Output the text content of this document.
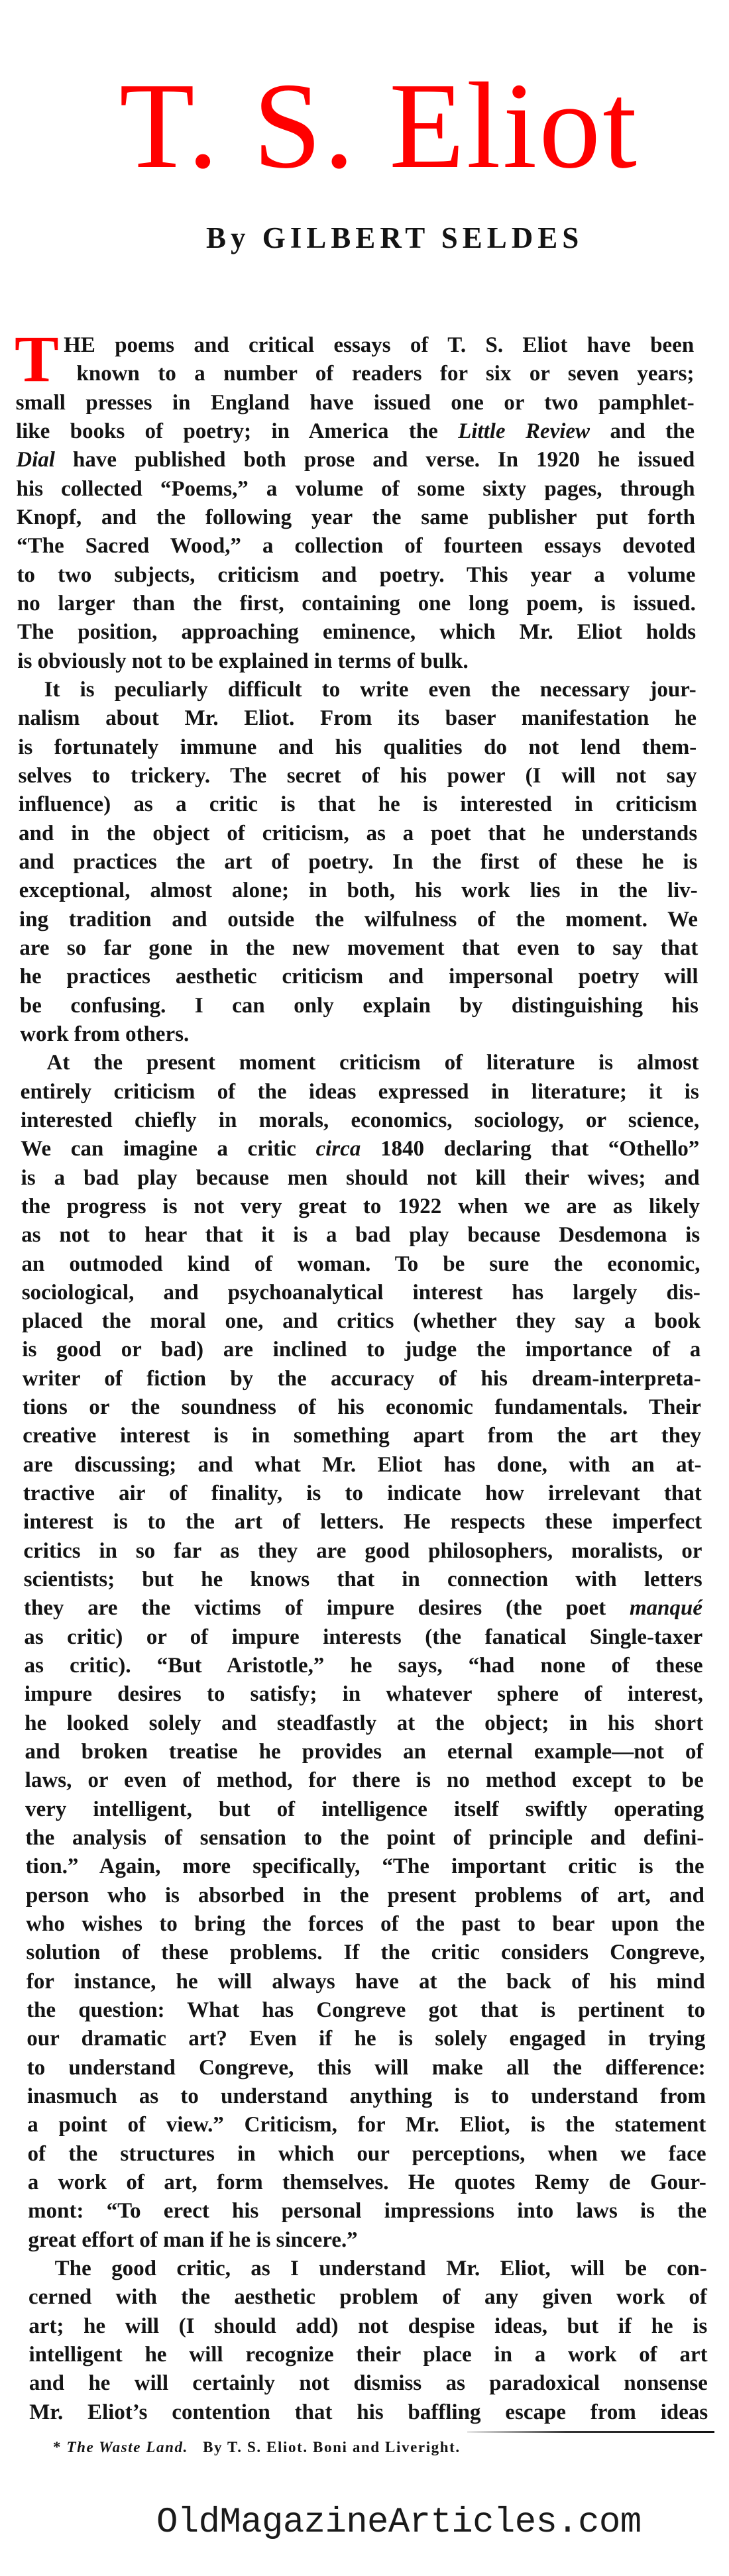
T. S. Eliot
By GILBERT SELDES
T HE poems and critical essays of T. S. Eliot have been
known to a number of readers for six or seven years;
small presses in England have issued one or two pamphlet-
like books of poetry; in America the Little Review and the
Dial have published both prose and verse. In 1920 he issued
his collected “Poems,” a volume of some sixty pages, through
Knopf, and the following year the same publisher put forth
“The Sacred Wood,” a collection of fourteen essays devoted
to two subjects, criticism and poetry. This year a volume
no larger than the first, containing one long poem, is issued.
The position, approaching eminence, which Mr. Eliot holds
is obviously not to be explained in terms of bulk.
It is peculiarly difficult to write even the necessary jour-
nalism about Mr. Eliot. From its baser manifestation he
is fortunately immune and his qualities do not lend them-
selves to trickery. The secret of his power (I will not say
influence) as a critic is that he is interested in criticism
and in the object of criticism, as a poet that he understands
and practices the art of poetry. In the first of these he is
exceptional, almost alone; in both, his work lies in the liv-
ing tradition and outside the wilfulness of the moment. We
are so far gone in the new movement that even to say that
he practices aesthetic criticism and impersonal poetry will
be confusing. I can only explain by distinguishing his
work from others.
At the present moment criticism of literature is almost
entirely criticism of the ideas expressed in literature; it is
interested chiefly in morals, economics, sociology, or science,
We can imagine a critic circa 1840 declaring that “Othello”
is a bad play because men should not kill their wives; and
the progress is not very great to 1922 when we are as likely
as not to hear that it is a bad play because Desdemona is
an outmoded kind of woman. To be sure the economic,
sociological, and psychoanalytical interest has largely dis-
placed the moral one, and critics (whether they say a book
is good or bad) are inclined to judge the importance of a
writer of fiction by the accuracy of his dream-interpreta-
tions or the soundness of his economic fundamentals. Their
creative interest is in something apart from the art they
are discussing; and what Mr. Eliot has done, with an at-
tractive air of finality, is to indicate how irrelevant that
interest is to the art of letters. He respects these imperfect
critics in so far as they are good philosophers, moralists, or
scientists; but he knows that in connection with letters
they are the victims of impure desires (the poet manqué
as critic) or of impure interests (the fanatical Single-taxer
as critic). “But Aristotle,” he says, “had none of these
impure desires to satisfy; in whatever sphere of interest,
he looked solely and steadfastly at the object; in his short
and broken treatise he provides an eternal example—not of
laws, or even of method, for there is no method except to be
very intelligent, but of intelligence itself swiftly operating
the analysis of sensation to the point of principle and defini-
tion.” Again, more specifically, “The important critic is the
person who is absorbed in the present problems of art, and
who wishes to bring the forces of the past to bear upon the
solution of these problems. If the critic considers Congreve,
for instance, he will always have at the back of his mind
the question: What has Congreve got that is pertinent to
our dramatic art? Even if he is solely engaged in trying
to understand Congreve, this will make all the difference:
inasmuch as to understand anything is to understand from
a point of view.” Criticism, for Mr. Eliot, is the statement
of the structures in which our perceptions, when we face
a work of art, form themselves. He quotes Remy de Gour-
mont: “To erect his personal impressions into laws is the
great effort of man if he is sincere.”
The good critic, as I understand Mr. Eliot, will be con-
cerned with the aesthetic problem of any given work of
art; he will (I should add) not despise ideas, but if he is
intelligent he will recognize their place in a work of art
and he will certainly not dismiss as paradoxical nonsense
Mr. Eliot’s contention that his baffling escape from ideas
* The Waste Land. By T. S. Eliot. Boni and Liveright.
OldMagazineArticles.com
